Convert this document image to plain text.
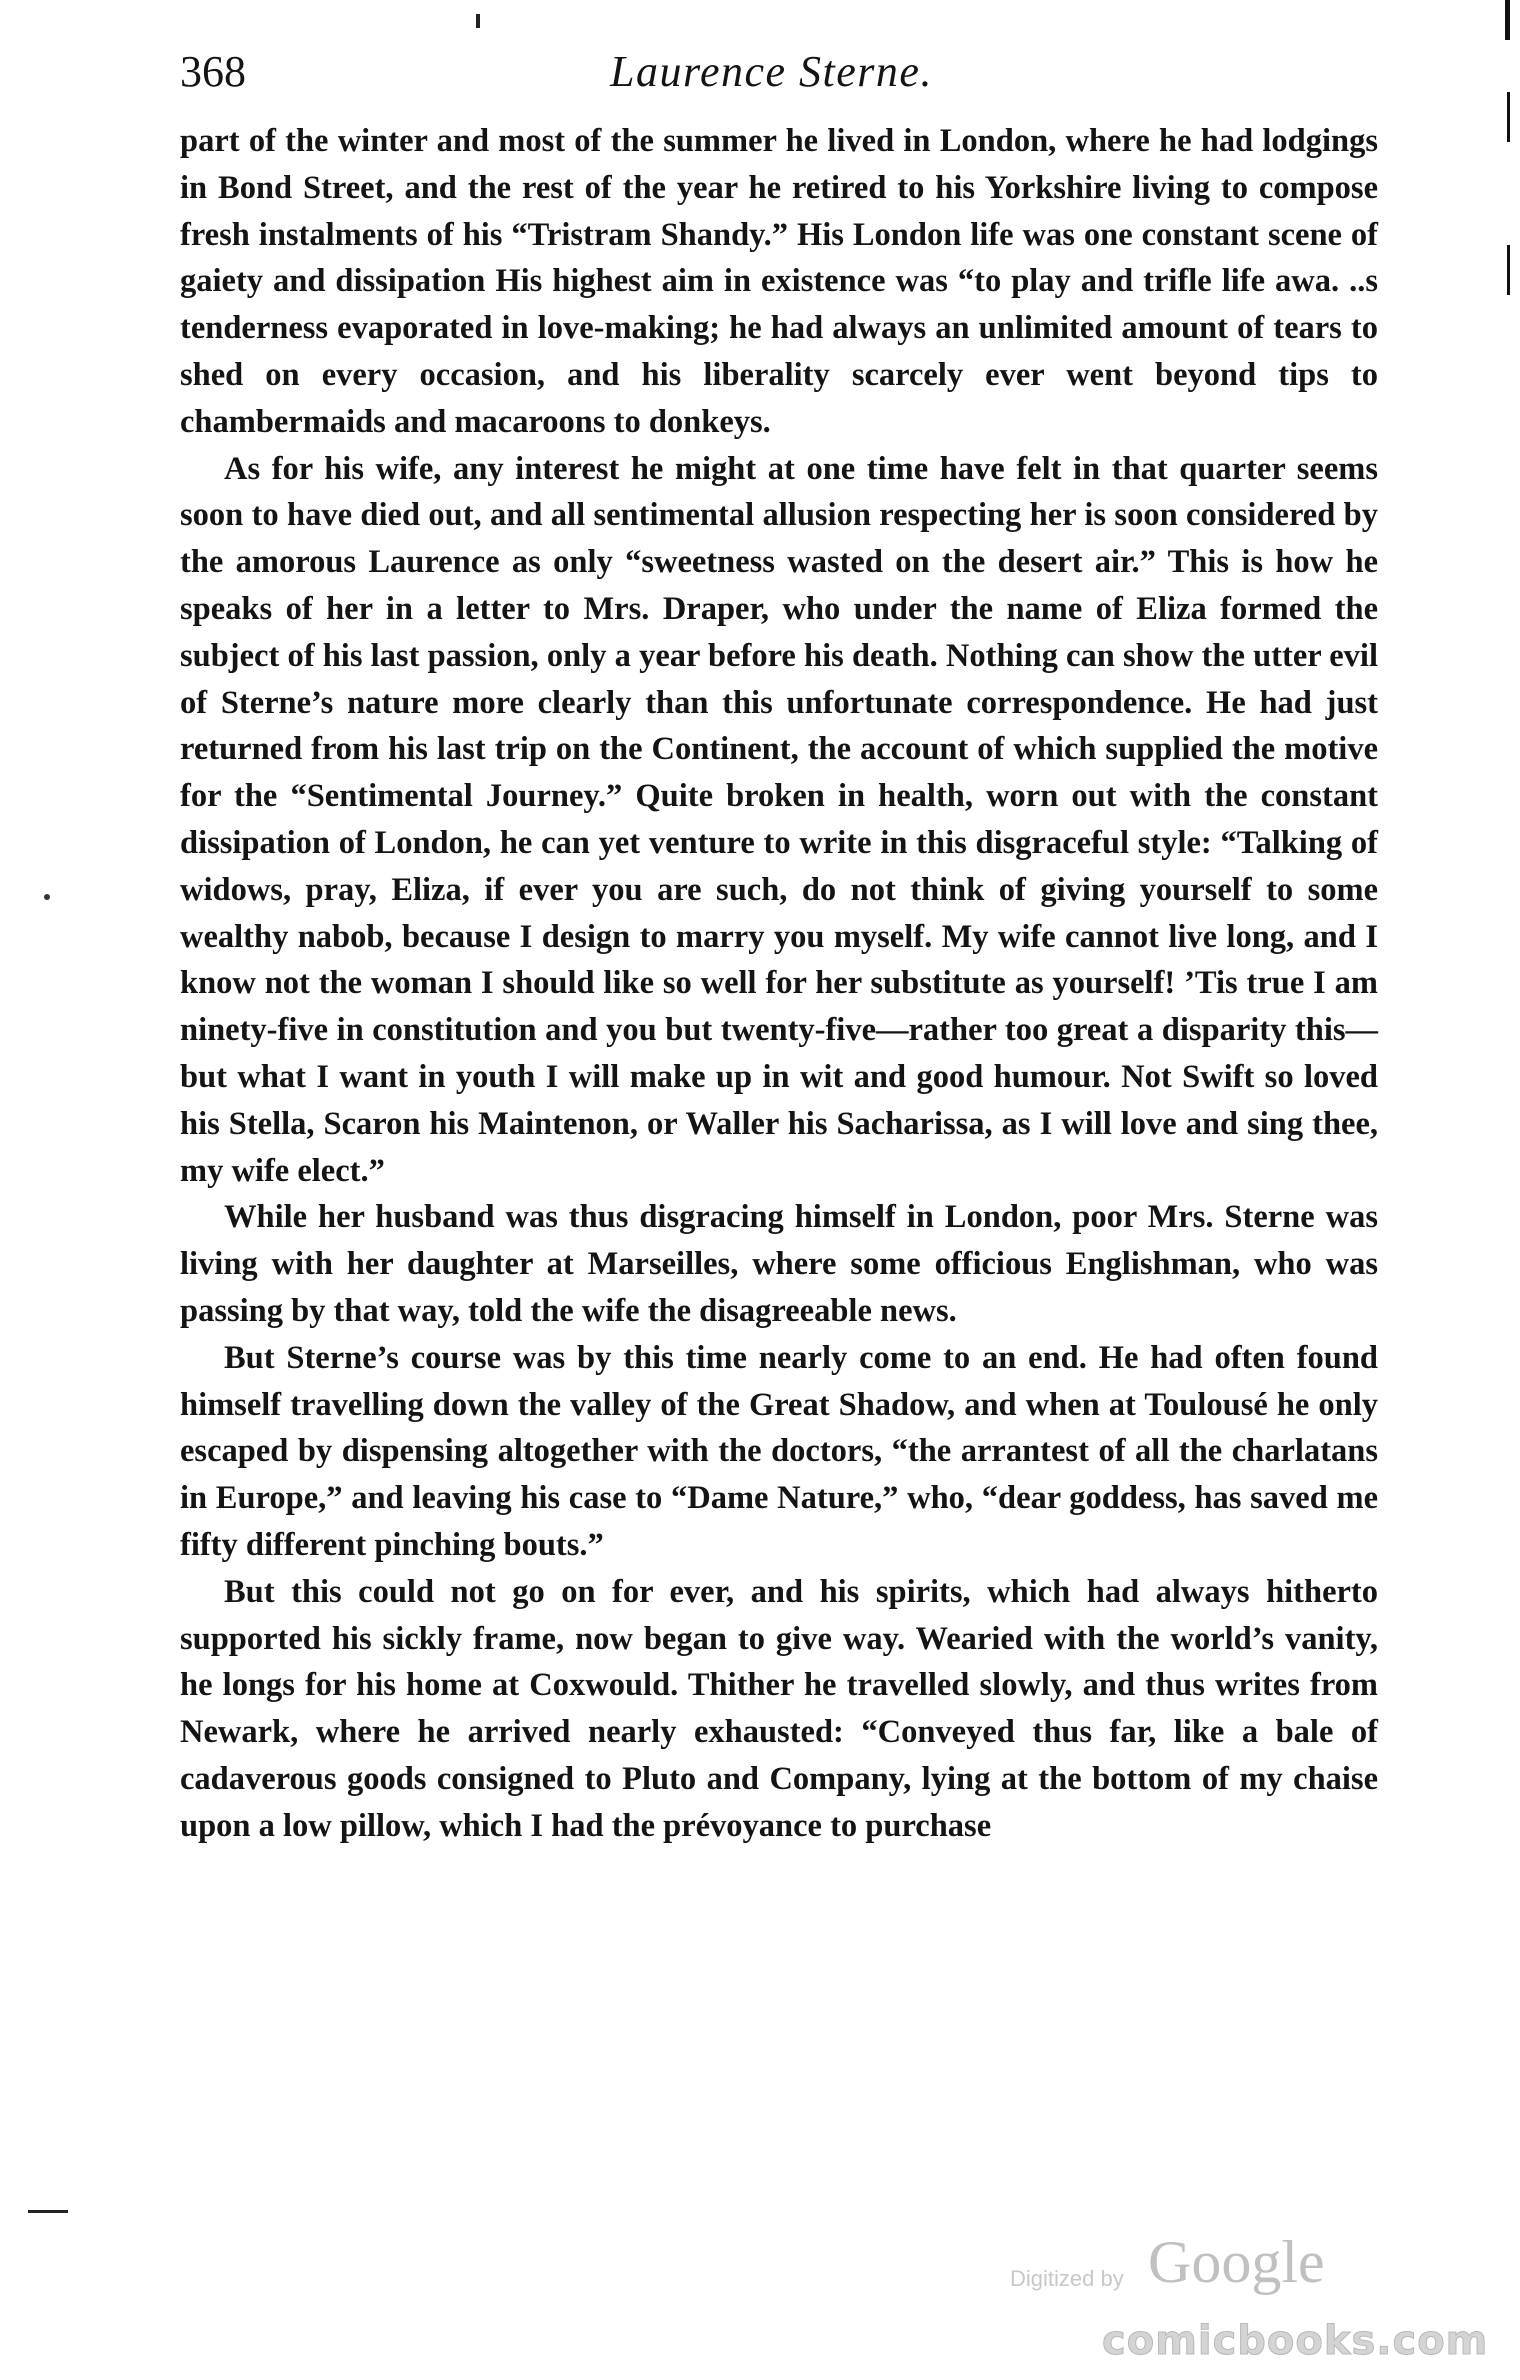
368	Laurence Sterne.

part of the winter and most of the summer he lived in London, where he had lodgings in Bond Street, and the rest of the year he retired to his Yorkshire living to compose fresh instalments of his “Tristram Shandy.” His London life was one constant scene of gaiety and dissipation His highest aim in existence was “to play and trifle life awa. ..s tenderness evaporated in love-making; he had always an unlimited amount of tears to shed on every occasion, and his liberality scarcely ever went beyond tips to chambermaids and macaroons to donkeys.

As for his wife, any interest he might at one time have felt in that quarter seems soon to have died out, and all sentimental allusion respecting her is soon considered by the amorous Laurence as only “sweetness wasted on the desert air.” This is how he speaks of her in a letter to Mrs. Draper, who under the name of Eliza formed the subject of his last passion, only a year before his death. Nothing can show the utter evil of Sterne’s nature more clearly than this unfortunate correspondence. He had just returned from his last trip on the Continent, the account of which supplied the motive for the “Sentimental Journey.” Quite broken in health, worn out with the constant dissipation of London, he can yet venture to write in this disgraceful style: “Talking of widows, pray, Eliza, if ever you are such, do not think of giving yourself to some wealthy nabob, because I design to marry you myself. My wife cannot live long, and I know not the woman I should like so well for her substitute as yourself! ’Tis true I am ninety-five in constitution and you but twenty-five—rather too great a disparity this—but what I want in youth I will make up in wit and good humour. Not Swift so loved his Stella, Scaron his Maintenon, or Waller his Sacharissa, as I will love and sing thee, my wife elect.”

While her husband was thus disgracing himself in London, poor Mrs. Sterne was living with her daughter at Marseilles, where some officious Englishman, who was passing by that way, told the wife the disagreeable news.

But Sterne’s course was by this time nearly come to an end. He had often found himself travelling down the valley of the Great Shadow, and when at Toulousé he only escaped by dispensing altogether with the doctors, “the arrantest of all the charlatans in Europe,” and leaving his case to “Dame Nature,” who, “dear goddess, has saved me fifty different pinching bouts.”

But this could not go on for ever, and his spirits, which had always hitherto supported his sickly frame, now began to give way. Wearied with the world’s vanity, he longs for his home at Coxwould. Thither he travelled slowly, and thus writes from Newark, where he arrived nearly exhausted: “Conveyed thus far, like a bale of cadaverous goods consigned to Pluto and Company, lying at the bottom of my chaise upon a low pillow, which I had the prévoyance to purchase

Digitized by Google
comicbooks.com
